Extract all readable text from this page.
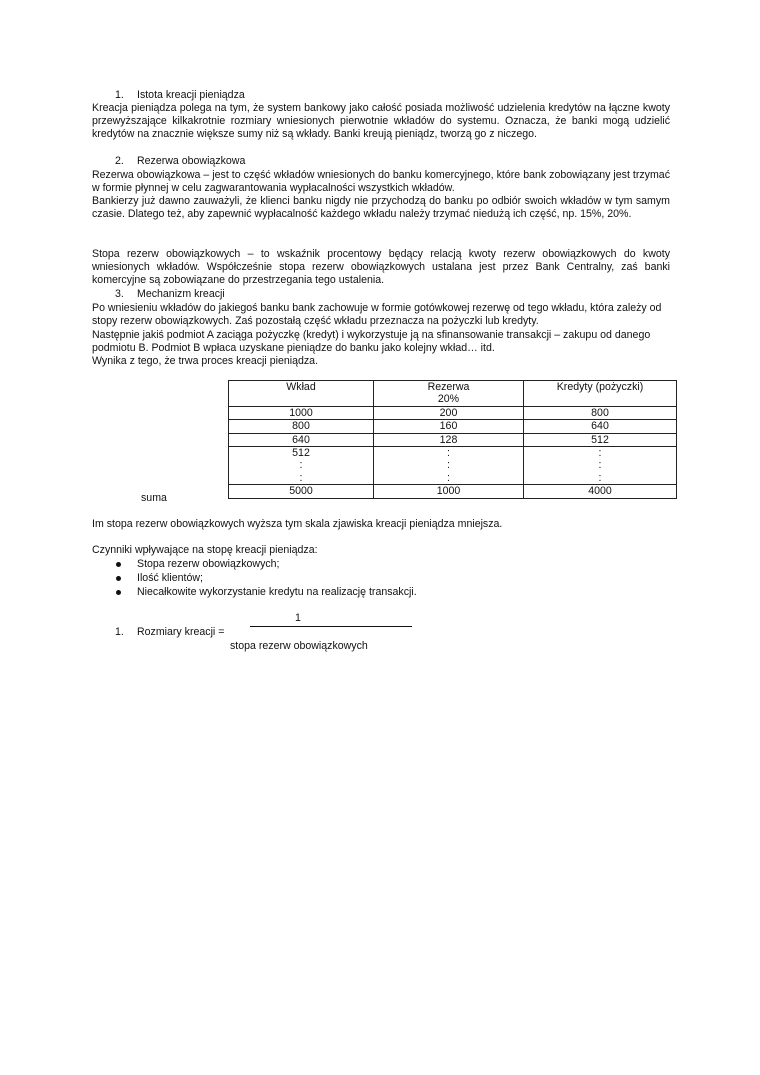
1. Istota kreacji pieniądza
Kreacja pieniądza polega na tym, że system bankowy jako całość posiada możliwość udzielenia kredytów na łączne kwoty przewyższające kilkakrotnie rozmiary wniesionych pierwotnie wkładów do systemu. Oznacza, że banki mogą udzielić kredytów na znacznie większe sumy niż są wkłady. Banki kreują pieniądz, tworzą go z niczego.
2. Rezerwa obowiązkowa
Rezerwa obowiązkowa – jest to część wkładów wniesionych do banku komercyjnego, które bank zobowiązany jest trzymać w formie płynnej w celu zagwarantowania wypłacalności wszystkich wkładów.
Bankierzy już dawno zauważyli, że klienci banku nigdy nie przychodzą do banku po odbiór swoich wkładów w tym samym czasie. Dlatego też, aby zapewnić wypłacalność każdego wkładu należy trzymać niedużą ich część, np. 15%, 20%.
Stopa rezerw obowiązkowych – to wskaźnik procentowy będący relacją kwoty rezerw obowiązkowych do kwoty wniesionych wkładów. Współcześnie stopa rezerw obowiązkowych ustalana jest przez Bank Centralny, zaś banki komercyjne są zobowiązane do przestrzegania tego ustalenia.
3. Mechanizm kreacji
Po wniesieniu wkładów do jakiegoś banku bank zachowuje w formie gotówkowej rezerwę od tego wkładu, która zależy od stopy rezerw obowiązkowych. Zaś pozostałą część wkładu przeznacza na pożyczki lub kredyty.
Następnie jakiś podmiot A zaciąga pożyczkę (kredyt) i wykorzystuje ją na sfinansowanie transakcji – zakupu od danego podmiotu B. Podmiot B wpłaca uzyskane pieniądze do banku jako kolejny wkład… itd.
Wynika z tego, że trwa proces kreacji pieniądza.
Wkład	Rezerwa	Kredyty (pożyczki)
	20%	
1000	200	800
800	160	640
640	128	512
512	:	:
:	:	:
:	:	:
5000	1000	4000
suma
Im stopa rezerw obowiązkowych wyższa tym skala zjawiska kreacji pieniądza mniejsza.
Czynniki wpływające na stopę kreacji pieniądza:
Stopa rezerw obowiązkowych;
Ilość klientów;
Niecałkowite wykorzystanie kredytu na realizację transakcji.
1
1. Rozmiary kreacji =
stopa rezerw obowiązkowych
